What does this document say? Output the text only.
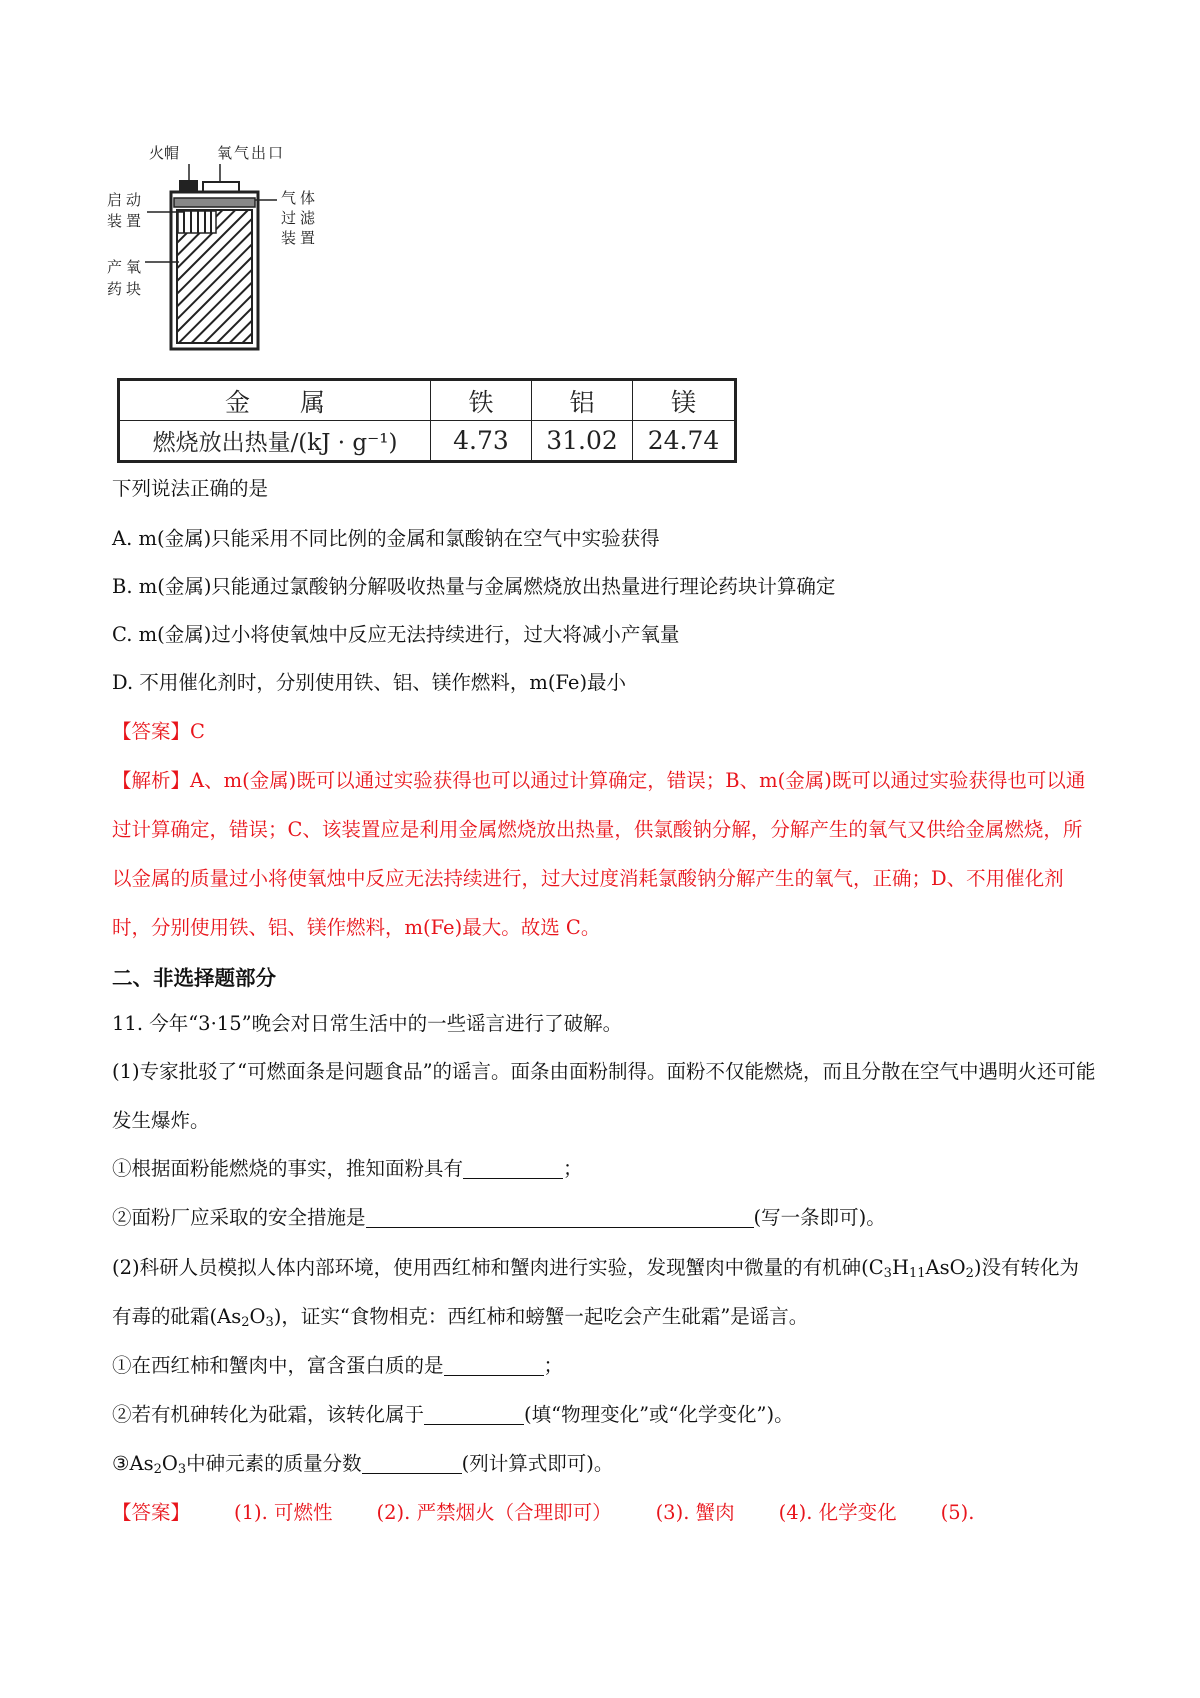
火帽	氧气出口
启动
装置
气体
过滤
装置
产氧
药块
金　　属	铁	铝	镁
燃烧放出热量/(kJ · g⁻¹)	4.73	31.02	24.74
下列说法正确的是
A. m(金属)只能采用不同比例的金属和氯酸钠在空气中实验获得
B. m(金属)只能通过氯酸钠分解吸收热量与金属燃烧放出热量进行理论药块计算确定
C. m(金属)过小将使氧烛中反应无法持续进行，过大将减小产氧量
D. 不用催化剂时，分别使用铁、铝、镁作燃料，m(Fe)最小
【答案】C
【解析】A、m(金属)既可以通过实验获得也可以通过计算确定，错误；B、m(金属)既可以通过实验获得也可以通过计算确定，错误；C、该装置应是利用金属燃烧放出热量，供氯酸钠分解，分解产生的氧气又供给金属燃烧，所以金属的质量过小将使氧烛中反应无法持续进行，过大过度消耗氯酸钠分解产生的氧气，正确；D、不用催化剂时，分别使用铁、铝、镁作燃料，m(Fe)最大。故选 C。
二、非选择题部分
11. 今年“3·15”晚会对日常生活中的一些谣言进行了破解。
(1)专家批驳了“可燃面条是问题食品”的谣言。面条由面粉制得。面粉不仅能燃烧，而且分散在空气中遇明火还可能发生爆炸。
①根据面粉能燃烧的事实，推知面粉具有	；
②面粉厂应采取的安全措施是	(写一条即可)。
(2)科研人员模拟人体内部环境，使用西红柿和蟹肉进行实验，发现蟹肉中微量的有机砷$(C_3H_{11}AsO_2)$没有转化为有毒的砒霜$(As_2O_3)$，证实“食物相克：西红柿和螃蟹一起吃会产生砒霜”是谣言。
①在西红柿和蟹肉中，富含蛋白质的是	；
②若有机砷转化为砒霜，该转化属于	(填“物理变化”或“化学变化”)。
$③As_2O_3$中砷元素的质量分数	(列计算式即可)。
【答案】 (1). 可燃性 (2). 严禁烟火（合理即可） (3). 蟹肉 (4). 化学变化 (5).
